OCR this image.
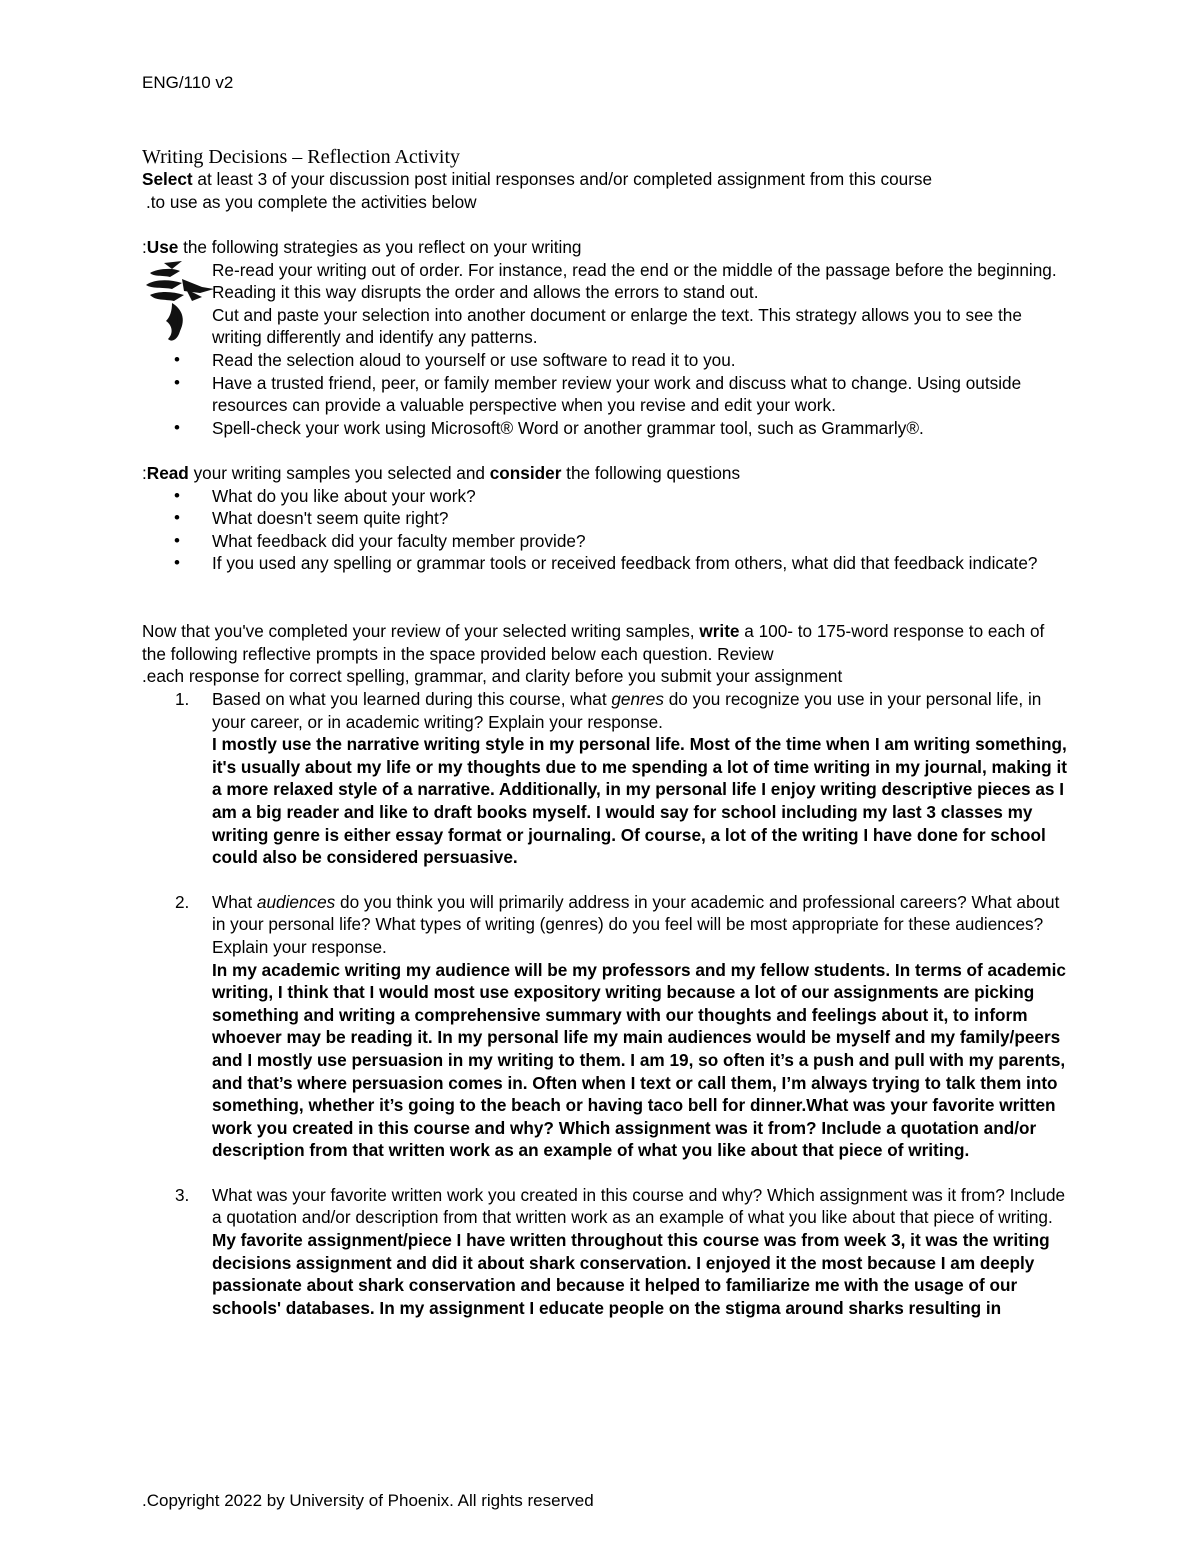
ENG/110 v2
Writing Decisions – Reflection Activity
Select at least 3 of your discussion post initial responses and/or completed assignment from this course
.to use as you complete the activities below
:Use the following strategies as you reflect on your writing
Re-read your writing out of order. For instance, read the end or the middle of the passage before the beginning. Reading it this way disrupts the order and allows the errors to stand out.
Cut and paste your selection into another document or enlarge the text. This strategy allows you to see the writing differently and identify any patterns.
• Read the selection aloud to yourself or use software to read it to you.
• Have a trusted friend, peer, or family member review your work and discuss what to change. Using outside resources can provide a valuable perspective when you revise and edit your work.
• Spell-check your work using Microsoft® Word or another grammar tool, such as Grammarly®.
:Read your writing samples you selected and consider the following questions
• What do you like about your work?
• What doesn't seem quite right?
• What feedback did your faculty member provide?
• If you used any spelling or grammar tools or received feedback from others, what did that feedback indicate?
Now that you've completed your review of your selected writing samples, write a 100- to 175-word response to each of the following reflective prompts in the space provided below each question. Review
.each response for correct spelling, grammar, and clarity before you submit your assignment
1. Based on what you learned during this course, what genres do you recognize you use in your personal life, in your career, or in academic writing? Explain your response.
I mostly use the narrative writing style in my personal life. Most of the time when I am writing something, it's usually about my life or my thoughts due to me spending a lot of time writing in my journal, making it a more relaxed style of a narrative. Additionally, in my personal life I enjoy writing descriptive pieces as I am a big reader and like to draft books myself. I would say for school including my last 3 classes my writing genre is either essay format or journaling. Of course, a lot of the writing I have done for school could also be considered persuasive.
2. What audiences do you think you will primarily address in your academic and professional careers? What about in your personal life? What types of writing (genres) do you feel will be most appropriate for these audiences? Explain your response.
In my academic writing my audience will be my professors and my fellow students. In terms of academic writing, I think that I would most use expository writing because a lot of our assignments are picking something and writing a comprehensive summary with our thoughts and feelings about it, to inform whoever may be reading it. In my personal life my main audiences would be myself and my family/peers and I mostly use persuasion in my writing to them. I am 19, so often it’s a push and pull with my parents, and that’s where persuasion comes in. Often when I text or call them, I’m always trying to talk them into something, whether it’s going to the beach or having taco bell for dinner.What was your favorite written work you created in this course and why? Which assignment was it from? Include a quotation and/or description from that written work as an example of what you like about that piece of writing.
3. What was your favorite written work you created in this course and why? Which assignment was it from? Include a quotation and/or description from that written work as an example of what you like about that piece of writing. My favorite assignment/piece I have written throughout this course was from week 3, it was the writing decisions assignment and did it about shark conservation. I enjoyed it the most because I am deeply passionate about shark conservation and because it helped to familiarize me with the usage of our schools' databases. In my assignment I educate people on the stigma around sharks resulting in
.Copyright 2022 by University of Phoenix. All rights reserved
